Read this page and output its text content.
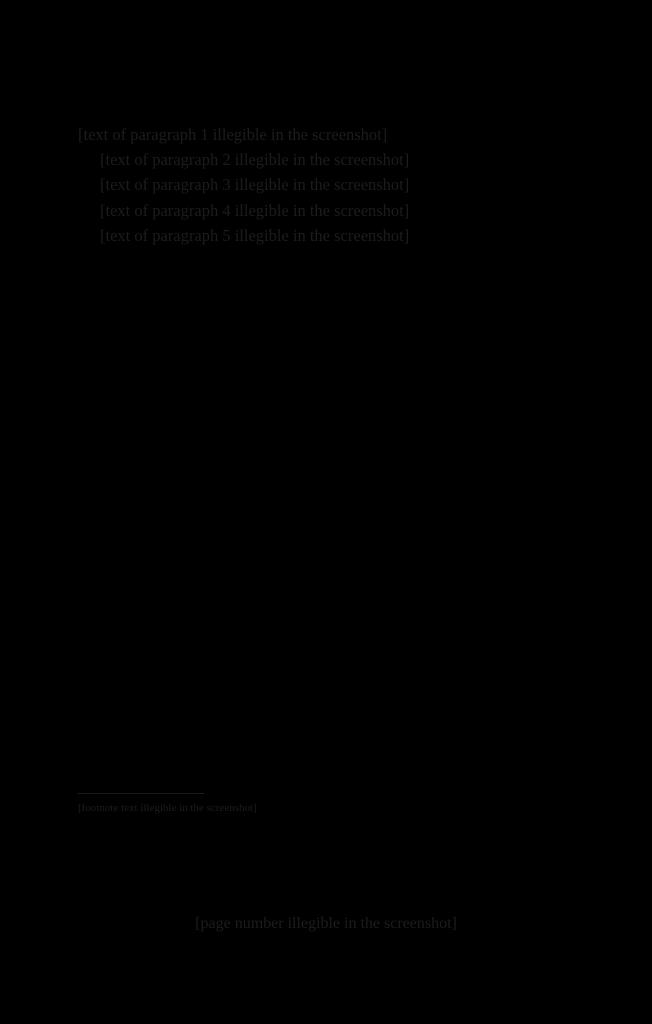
[text of paragraph 1 illegible in the screenshot]

[text of paragraph 2 illegible in the screenshot]

[text of paragraph 3 illegible in the screenshot]

[text of paragraph 4 illegible in the screenshot]

[text of paragraph 5 illegible in the screenshot]

[footnote text illegible in the screenshot]

[page number illegible in the screenshot]
